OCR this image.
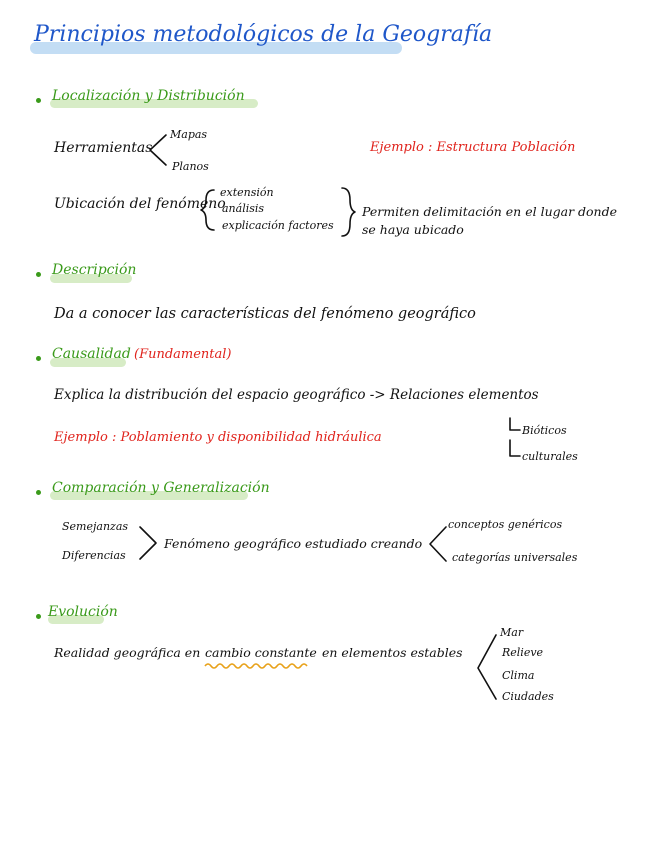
Principios metodológicos de la Geografía
Localización y Distribución
Herramientas
Mapas
Planos
Ejemplo : Estructura Población
Ubicación del fenómeno
extensión
análisis
explicación factores
Permiten delimitación en el lugar donde
se haya ubicado
Descripción
Da a conocer las características del fenómeno geográfico
Causalidad (Fundamental)
Explica la distribución del espacio geográfico -> Relaciones elementos
Ejemplo : Poblamiento y disponibilidad hidráulica	Bióticos
culturales
Comparación y Generalización
Semejanzas
Diferencias
Fenómeno geográfico estudiado creando
conceptos genéricos
categorías universales
Evolución
Realidad geográfica en cambio constante en elementos estables
Mar
Relieve
Clima
Ciudades
